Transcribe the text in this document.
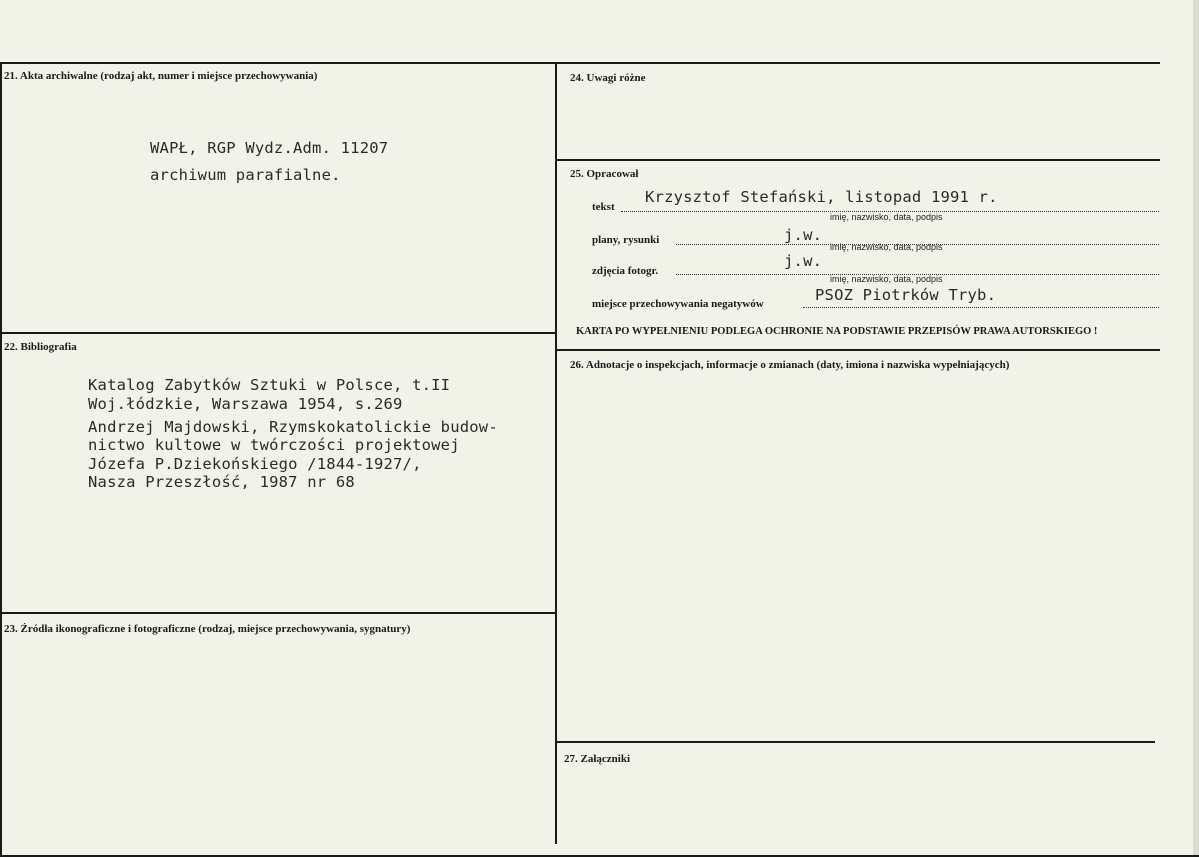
21. Akta archiwalne (rodzaj akt, numer i miejsce przechowywania)
WAPŁ, RGP Wydz.Adm. 11207
archiwum parafialne.
22. Bibliografia
Katalog Zabytków Sztuki w Polsce, t.II
Woj.łódzkie, Warszawa 1954, s.269
Andrzej Majdowski, Rzymskokatolickie budow-
nictwo kultowe w twórczości projektowej
Józefa P.Dziekońskiego /1844-1927/,
Nasza Przeszłość, 1987 nr 68
23. Źródła ikonograficzne i fotograficzne (rodzaj, miejsce przechowywania, sygnatury)
24. Uwagi różne
25. Opracował
tekst
Krzysztof Stefański, listopad 1991 r.
imię, nazwisko, data, podpis
plany, rysunki	j.w.
imię, nazwisko, data, podpis
zdjęcia fotogr.
j.w.
imię, nazwisko, data, podpis
miejsce przechowywania negatywów	PSOZ Piotrków Tryb.
KARTA PO WYPEŁNIENIU PODLEGA OCHRONIE NA PODSTAWIE PRZEPISÓW PRAWA AUTORSKIEGO !
26. Adnotacje o inspekcjach, informacje o zmianach (daty, imiona i nazwiska wypełniających)
27. Załączniki
